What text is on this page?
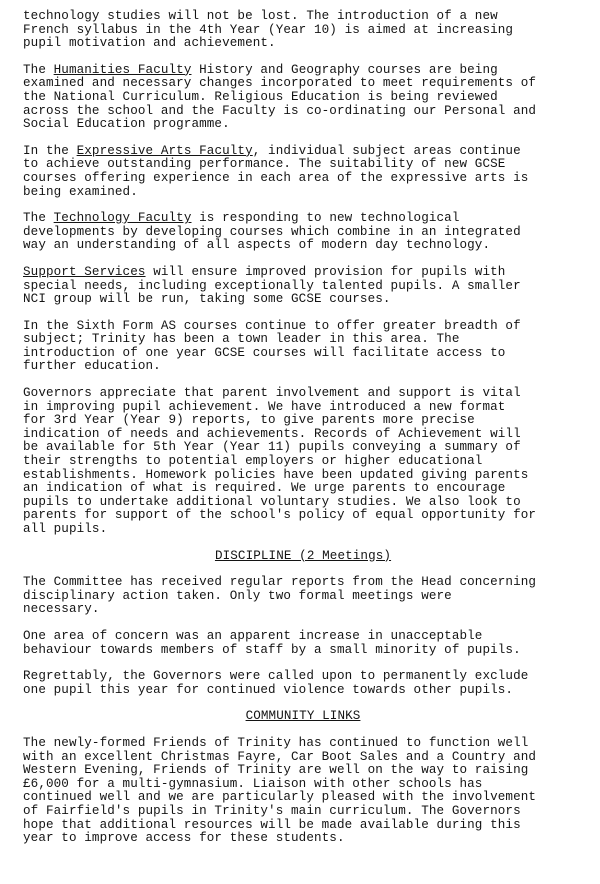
technology studies will not be lost. The introduction of a new
French syllabus in the 4th Year (Year 10) is aimed at increasing
pupil motivation and achievement.

The Humanities Faculty History and Geography courses are being
examined and necessary changes incorporated to meet requirements of
the National Curriculum. Religious Education is being reviewed
across the school and the Faculty is co-ordinating our Personal and
Social Education programme.

In the Expressive Arts Faculty, individual subject areas continue
to achieve outstanding performance. The suitability of new GCSE
courses offering experience in each area of the expressive arts is
being examined.

The Technology Faculty is responding to new technological
developments by developing courses which combine in an integrated
way an understanding of all aspects of modern day technology.

Support Services will ensure improved provision for pupils with
special needs, including exceptionally talented pupils. A smaller
NCI group will be run, taking some GCSE courses.

In the Sixth Form AS courses continue to offer greater breadth of
subject; Trinity has been a town leader in this area. The
introduction of one year GCSE courses will facilitate access to
further education.

Governors appreciate that parent involvement and support is vital
in improving pupil achievement. We have introduced a new format
for 3rd Year (Year 9) reports, to give parents more precise
indication of needs and achievements. Records of Achievement will
be available for 5th Year (Year 11) pupils conveying a summary of
their strengths to potential employers or higher educational
establishments. Homework policies have been updated giving parents
an indication of what is required. We urge parents to encourage
pupils to undertake additional voluntary studies. We also look to
parents for support of the school's policy of equal opportunity for
all pupils.

DISCIPLINE (2 Meetings)

The Committee has received regular reports from the Head concerning
disciplinary action taken. Only two formal meetings were
necessary.

One area of concern was an apparent increase in unacceptable
behaviour towards members of staff by a small minority of pupils.

Regrettably, the Governors were called upon to permanently exclude
one pupil this year for continued violence towards other pupils.

COMMUNITY LINKS

The newly-formed Friends of Trinity has continued to function well
with an excellent Christmas Fayre, Car Boot Sales and a Country and
Western Evening, Friends of Trinity are well on the way to raising
£6,000 for a multi-gymnasium. Liaison with other schools has
continued well and we are particularly pleased with the involvement
of Fairfield's pupils in Trinity's main curriculum. The Governors
hope that additional resources will be made available during this
year to improve access for these students.
